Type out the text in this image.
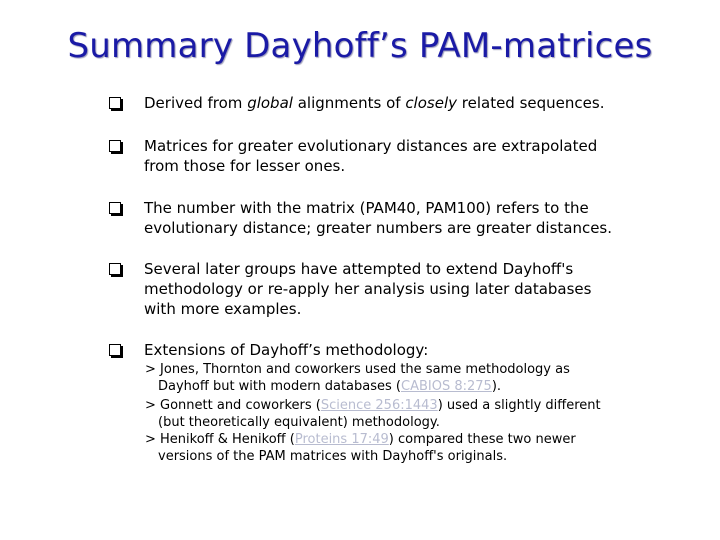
Summary Dayhoff’s PAM-matrices
Derived from global alignments of closely related sequences.
Matrices for greater evolutionary distances are extrapolated
from those for lesser ones.
The number with the matrix (PAM40, PAM100) refers to the
evolutionary distance; greater numbers are greater distances.
Several later groups have attempted to extend Dayhoff's
methodology or re-apply her analysis using later databases
with more examples.
Extensions of Dayhoff’s methodology:
> Jones, Thornton and coworkers used the same methodology as
Dayhoff but with modern databases (CABIOS 8:275).
> Gonnett and coworkers (Science 256:1443) used a slightly different
(but theoretically equivalent) methodology.
> Henikoff & Henikoff (Proteins 17:49) compared these two newer
versions of the PAM matrices with Dayhoff's originals.
